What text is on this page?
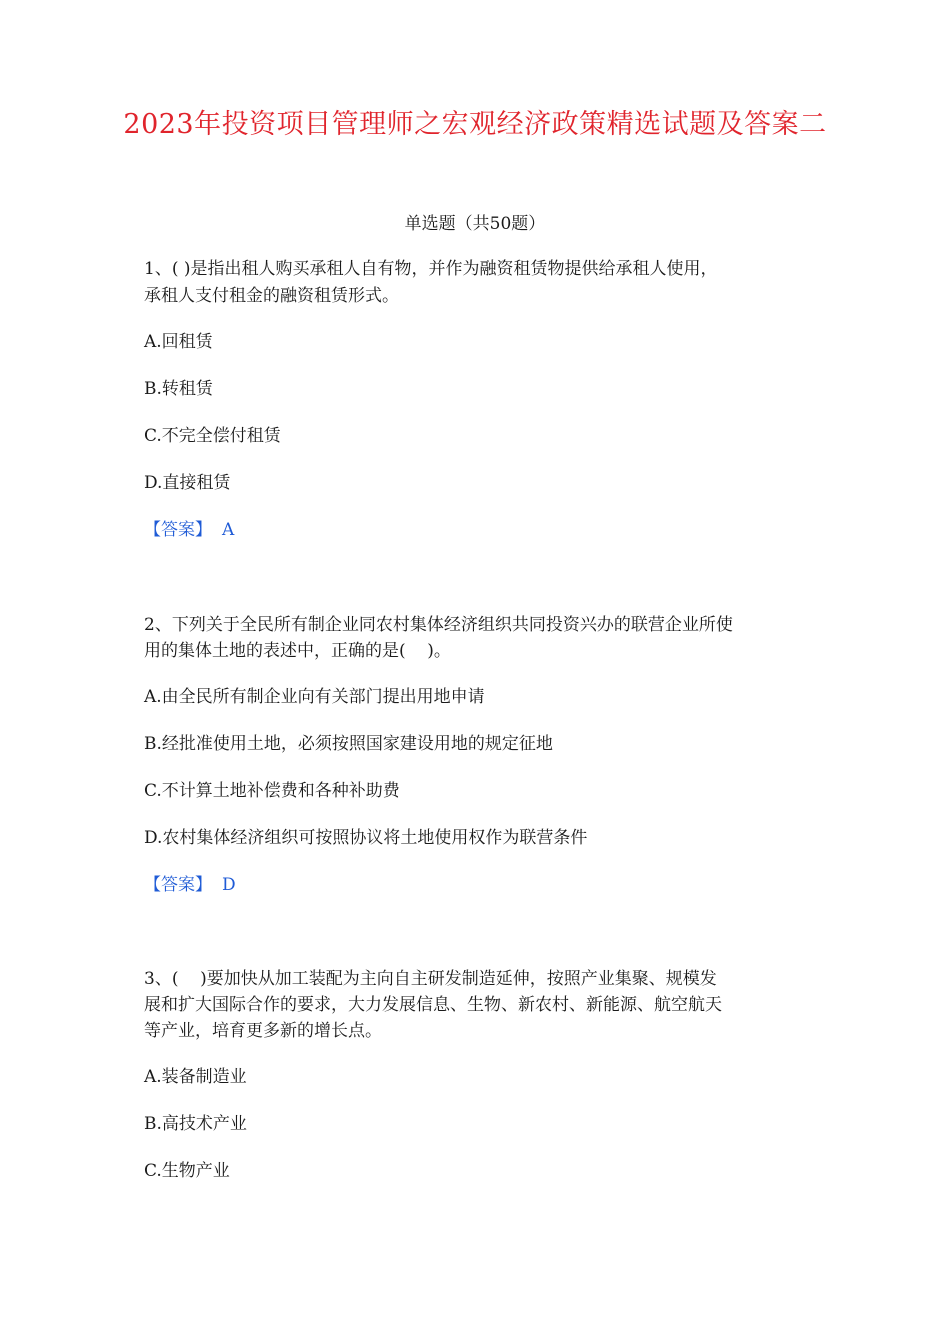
2023年投资项目管理师之宏观经济政策精选试题及答案二
单选题（共50题）
1、( )是指出租人购买承租人自有物，并作为融资租赁物提供给承租人使用，
承租人支付租金的融资租赁形式。
A.回租赁
B.转租赁
C.不完全偿付租赁
D.直接租赁
【答案】 A
2、下列关于全民所有制企业同农村集体经济组织共同投资兴办的联营企业所使
用的集体土地的表述中，正确的是(    )。
A.由全民所有制企业向有关部门提出用地申请
B.经批准使用土地，必须按照国家建设用地的规定征地
C.不计算土地补偿费和各种补助费
D.农村集体经济组织可按照协议将土地使用权作为联营条件
【答案】 D
3、(    )要加快从加工装配为主向自主研发制造延伸，按照产业集聚、规模发
展和扩大国际合作的要求，大力发展信息、生物、新农村、新能源、航空航天
等产业，培育更多新的增长点。
A.装备制造业
B.高技术产业
C.生物产业
